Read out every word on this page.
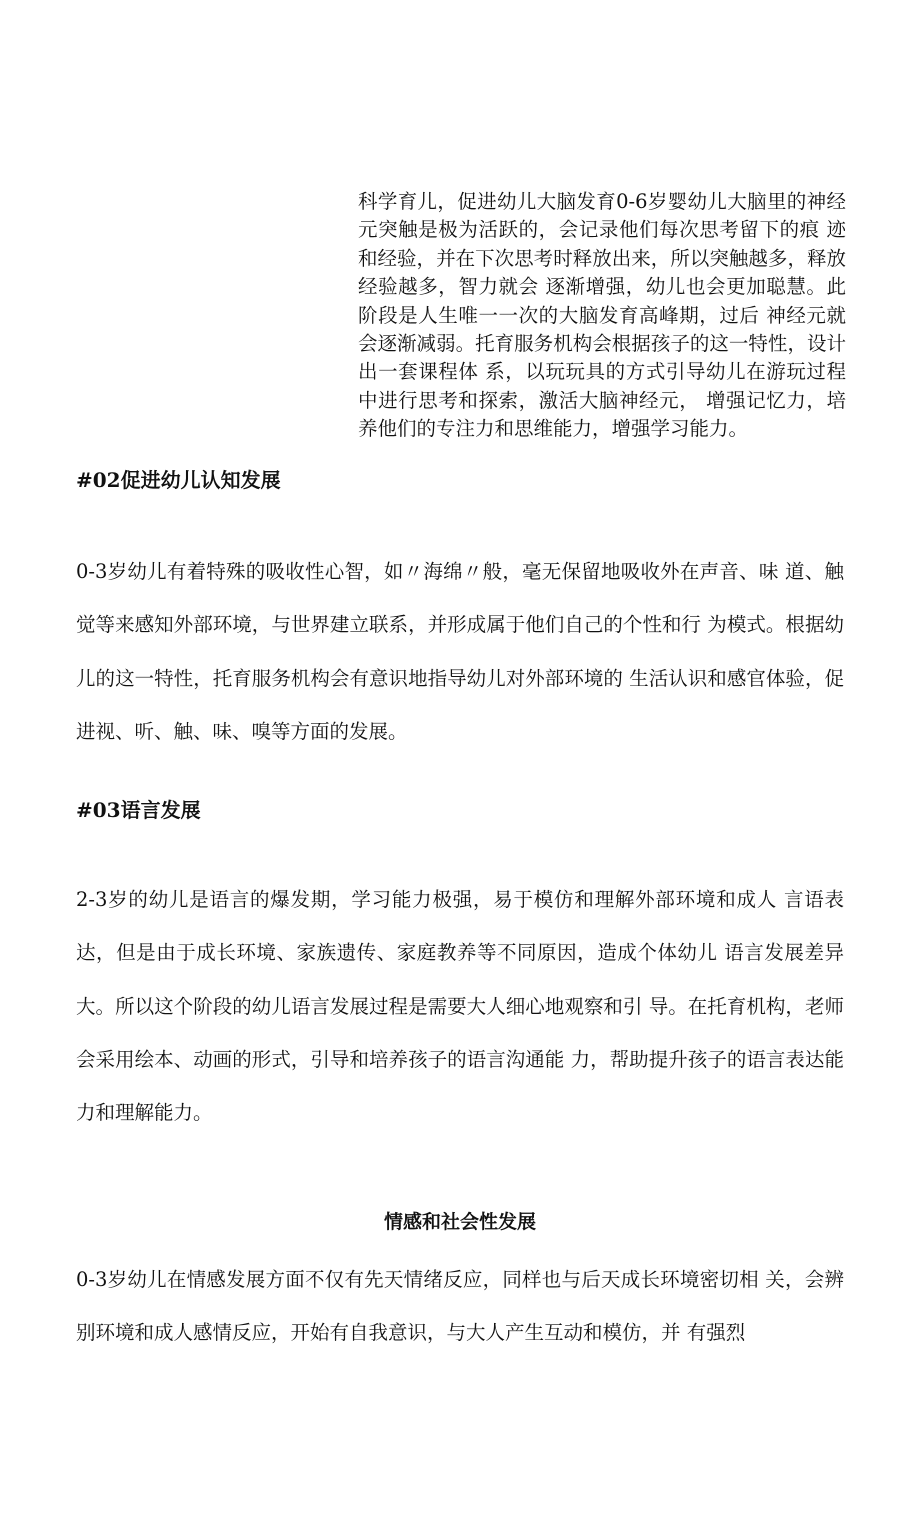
科学育儿，促进幼儿大脑发育0-6岁婴幼儿大脑里的神经元突触是极为活跃的，会记录他们每次思考留下的痕 迹和经验，并在下次思考时释放出来，所以突触越多，释放经验越多，智力就会 逐渐增强，幼儿也会更加聪慧。此阶段是人生唯一一次的大脑发育高峰期，过后 神经元就会逐渐减弱。托育服务机构会根据孩子的这一特性，设计出一套课程体 系，以玩玩具的方式引导幼儿在游玩过程中进行思考和探索，激活大脑神经元， 增强记忆力，培养他们的专注力和思维能力，增强学习能力。

#02促进幼儿认知发展

0-3岁幼儿有着特殊的吸收性心智，如〃海绵〃般，毫无保留地吸收外在声音、味 道、触觉等来感知外部环境，与世界建立联系，并形成属于他们自己的个性和行 为模式。根据幼儿的这一特性，托育服务机构会有意识地指导幼儿对外部环境的 生活认识和感官体验，促进视、听、触、味、嗅等方面的发展。

#03语言发展

2-3岁的幼儿是语言的爆发期，学习能力极强，易于模仿和理解外部环境和成人 言语表达，但是由于成长环境、家族遗传、家庭教养等不同原因，造成个体幼儿 语言发展差异大。所以这个阶段的幼儿语言发展过程是需要大人细心地观察和引 导。在托育机构，老师会采用绘本、动画的形式，引导和培养孩子的语言沟通能 力，帮助提升孩子的语言表达能力和理解能力。

情感和社会性发展

0-3岁幼儿在情感发展方面不仅有先天情绪反应，同样也与后天成长环境密切相 关，会辨别环境和成人感情反应，开始有自我意识，与大人产生互动和模仿，并 有强烈
